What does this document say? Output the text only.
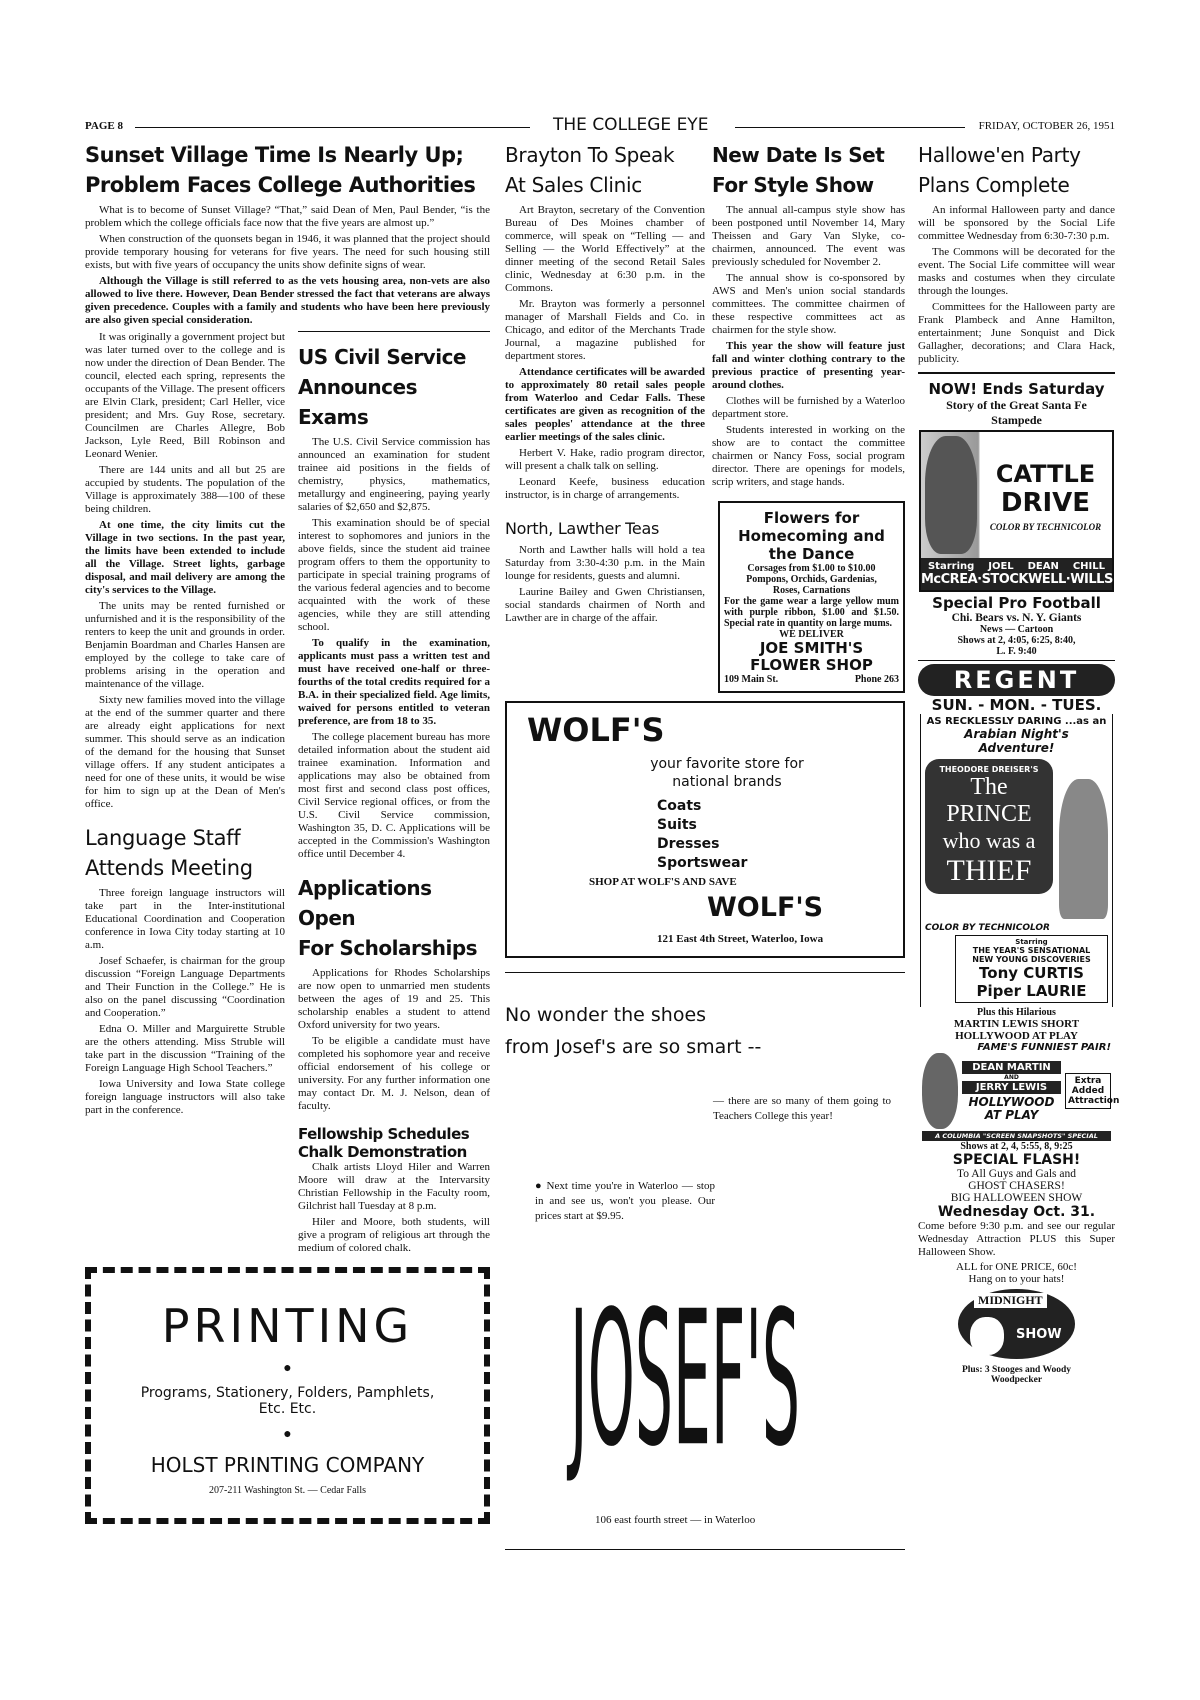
PAGE 8	THE COLLEGE EYE	FRIDAY, OCTOBER 26, 1951
Sunset Village Time Is Nearly Up;
Problem Faces College Authorities

What is to become of Sunset Village? “That,” said Dean of Men, Paul Bender, “is the problem which the college officials face now that the five years are almost up.”

When construction of the quonsets began in 1946, it was planned that the project should provide temporary housing for veterans for five years. The need for such housing still exists, but with five years of occupancy the units show definite signs of wear.

Although the Village is still referred to as the vets housing area, non-vets are also allowed to live there. However, Dean Bender stressed the fact that veterans are always given precedence. Couples with a family and students who have been here previously are also given special consideration.

It was originally a government project but was later turned over to the college and is now under the direction of Dean Bender. The council, elected each spring, represents the occupants of the Village. The present officers are Elvin Clark, president; Carl Heller, vice president; and Mrs. Guy Rose, secretary. Councilmen are Charles Allegre, Bob Jackson, Lyle Reed, Bill Robinson and Leonard Wenier.

There are 144 units and all but 25 are accupied by students. The population of the Village is approximately 388—100 of these being children.

At one time, the city limits cut the Village in two sections. In the past year, the limits have been extended to include all the Village. Street lights, garbage disposal, and mail delivery are among the city's services to the Village.

The units may be rented furnished or unfurnished and it is the responsibility of the renters to keep the unit and grounds in order. Benjamin Boardman and Charles Hansen are employed by the college to take care of problems arising in the operation and maintenance of the village.

Sixty new families moved into the village at the end of the summer quarter and there are already eight applications for next summer. This should serve as an indication of the demand for the housing that Sunset village offers. If any student anticipates a need for one of these units, it would be wise for him to sign up at the Dean of Men's office.

Language Staff
Attends Meeting

Three foreign language instructors will take part in the Inter-institutional Educational Coordination and Cooperation conference in Iowa City today starting at 10 a.m.

Josef Schaefer, is chairman for the group discussion “Foreign Language Departments and Their Function in the College.” He is also on the panel discussing “Coordination and Cooperation.”

Edna O. Miller and Marguirette Struble are the others attending. Miss Struble will take part in the discussion “Training of the Foreign Language High School Teachers.”

Iowa University and Iowa State college foreign language instructors will also take part in the conference.

US Civil Service
Announces Exams

The U.S. Civil Service commission has announced an examination for student trainee aid positions in the fields of chemistry, physics, mathematics, metallurgy and engineering, paying yearly salaries of $2,650 and $2,875.

This examination should be of special interest to sophomores and juniors in the above fields, since the student aid trainee program offers to them the opportunity to participate in special training programs of the various federal agencies and to become acquainted with the work of these agencies, while they are still attending school.

To qualify in the examination, applicants must pass a written test and must have received one-half or three-fourths of the total credits required for a B.A. in their specialized field. Age limits, waived for persons entitled to veteran preference, are from 18 to 35.

The college placement bureau has more detailed information about the student aid trainee examination. Information and applications may also be obtained from most first and second class post offices, Civil Service regional offices, or from the U.S. Civil Service commission, Washington 35, D. C. Applications will be accepted in the Commission's Washington office until December 4.

Applications Open
For Scholarships

Applications for Rhodes Scholarships are now open to unmarried men students between the ages of 19 and 25. This scholarship enables a student to attend Oxford university for two years.

To be eligible a candidate must have completed his sophomore year and receive official endorsement of his college or university. For any further information one may contact Dr. M. J. Nelson, dean of faculty.

Fellowship Schedules
Chalk Demonstration

Chalk artists Lloyd Hiler and Warren Moore will draw at the Intervarsity Christian Fellowship in the Faculty room, Gilchrist hall Tuesday at 8 p.m.

Hiler and Moore, both students, will give a program of religious art through the medium of colored chalk.

PRINTING
●
Programs, Stationery, Folders, Pamphlets,
Etc. Etc.
●
HOLST PRINTING COMPANY
207-211 Washington St. — Cedar Falls
Brayton To Speak
At Sales Clinic

Art Brayton, secretary of the Convention Bureau of Des Moines chamber of commerce, will speak on “Telling — and Selling — the World Effectively” at the dinner meeting of the second Retail Sales clinic, Wednesday at 6:30 p.m. in the Commons.

Mr. Brayton was formerly a personnel manager of Marshall Fields and Co. in Chicago, and editor of the Merchants Trade Journal, a magazine published for department stores.

Attendance certificates will be awarded to approximately 80 retail sales people from Waterloo and Cedar Falls. These certificates are given as recognition of the sales peoples' attendance at the three earlier meetings of the sales clinic.

Herbert V. Hake, radio program director, will present a chalk talk on selling.

Leonard Keefe, business education instructor, is in charge of arrangements.

North, Lawther Teas

North and Lawther halls will hold a tea Saturday from 3:30-4:30 p.m. in the Main lounge for residents, guests and alumni.

Laurine Bailey and Gwen Christiansen, social standards chairmen of North and Lawther are in charge of the affair.

New Date Is Set
For Style Show

The annual all-campus style show has been postponed until November 14, Mary Theissen and Gary Van Slyke, co-chairmen, announced. The event was previously scheduled for November 2.

The annual show is co-sponsored by AWS and Men's union social standards committees. The committee chairmen of these respective committees act as chairmen for the style show.

This year the show will feature just fall and winter clothing contrary to the previous practice of presenting year-around clothes.

Clothes will be furnished by a Waterloo department store.

Students interested in working on the show are to contact the committee chairmen or Nancy Foss, social program director. There are openings for models, scrip writers, and stage hands.

Flowers for
Homecoming and
the Dance
Corsages from $1.00 to $10.00
Pompons, Orchids, Gardenias,
Roses, Carnations
For the game wear a large yellow mum with purple ribbon, $1.00 and $1.50. Special rate in quantity on large mums.
WE DELIVER
JOE SMITH'S
FLOWER SHOP
109 Main St.	Phone 263
WOLF'S
your favorite store for
national brands
Coats
Suits
Dresses
Sportswear
SHOP AT WOLF'S AND SAVE
WOLF'S
121 East 4th Street, Waterloo, Iowa
No wonder the shoes
from Josef's are so smart --
— there are so many of them going to Teachers College this year!
● Next time you're in Waterloo — stop in and see us, won't you please. Our prices start at $9.95.
JOSEF'S
106 east fourth street — in Waterloo
Hallowe'en Party
Plans Complete

An informal Halloween party and dance will be sponsored by the Social Life committee Wednesday from 6:30-7:30 p.m.

The Commons will be decorated for the event. The Social Life committee will wear masks and costumes when they circulate through the lounges.

Committees for the Halloween party are Frank Plambeck and Anne Hamilton, entertainment; June Sonquist and Dick Gallagher, decorations; and Clara Hack, publicity.

NOW! Ends Saturday
Story of the Great Santa Fe
Stampede
CATTLE
DRIVE
COLOR BY TECHNICOLOR
Starring JOEL DEAN CHILL
McCREA·STOCKWELL·WILLS
Special Pro Football
Chi. Bears vs. N. Y. Giants
News — Cartoon
Shows at 2, 4:05, 6:25, 8:40,
L. F. 9:40
REGENT
SUN. - MON. - TUES.
AS RECKLESSLY DARING ...as an
Arabian Night's Adventure!
THEODORE DREISER'S
The PRINCE
who was a
THIEF
COLOR BY TECHNICOLOR
Starring
THE YEAR'S SENSATIONAL
NEW YOUNG DISCOVERIES
Tony CURTIS
Piper LAURIE
Plus this Hilarious
MARTIN LEWIS SHORT
HOLLYWOOD AT PLAY
FAME'S FUNNIEST PAIR!
DEAN MARTIN
AND
JERRY LEWIS
HOLLYWOOD AT PLAY
Extra Added Attraction
A COLUMBIA "SCREEN SNAPSHOTS" SPECIAL
Shows at 2, 4, 5:55, 8, 9:25
SPECIAL FLASH!
To All Guys and Gals and
GHOST CHASERS!
BIG HALLOWEEN SHOW
Wednesday Oct. 31.
Come before 9:30 p.m. and see our regular Wednesday Attraction PLUS this Super Halloween Show.
ALL for ONE PRICE, 60c!
Hang on to your hats!
MIDNIGHT
SHOW
Plus: 3 Stooges and Woody
Woodpecker
